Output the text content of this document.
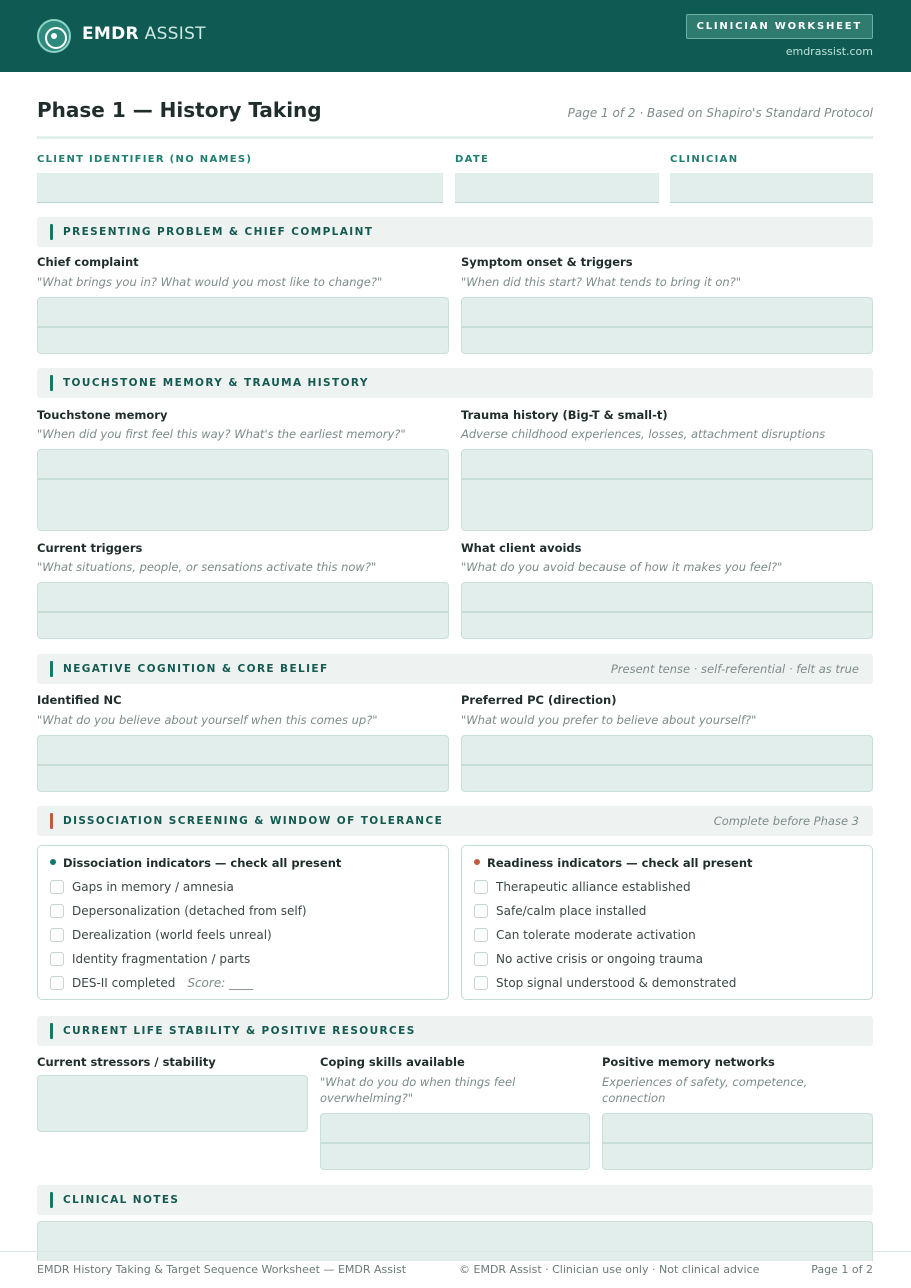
EMDR ASSIST	CLINICIAN WORKSHEET
emdrassist.com
Phase 1 — History Taking	Page 1 of 2 · Based on Shapiro's Standard Protocol
CLIENT IDENTIFIER (NO NAMES)	DATE	CLINICIAN
PRESENTING PROBLEM & CHIEF COMPLAINT
Chief complaint
"What brings you in? What would you most like to change?"
Symptom onset & triggers
"When did this start? What tends to bring it on?"
TOUCHSTONE MEMORY & TRAUMA HISTORY
Touchstone memory
"When did you first feel this way? What's the earliest memory?"
Trauma history (Big-T & small-t)
Adverse childhood experiences, losses, attachment disruptions
Current triggers
"What situations, people, or sensations activate this now?"
What client avoids
"What do you avoid because of how it makes you feel?"
NEGATIVE COGNITION & CORE BELIEF	Present tense · self-referential · felt as true
Identified NC
"What do you believe about yourself when this comes up?"
Preferred PC (direction)
"What would you prefer to believe about yourself?"
DISSOCIATION SCREENING & WINDOW OF TOLERANCE	Complete before Phase 3
Dissociation indicators — check all present
Gaps in memory / amnesia
Depersonalization (detached from self)
Derealization (world feels unreal)
Identity fragmentation / parts
DES-II completed Score: ____
Readiness indicators — check all present
Therapeutic alliance established
Safe/calm place installed
Can tolerate moderate activation
No active crisis or ongoing trauma
Stop signal understood & demonstrated
CURRENT LIFE STABILITY & POSITIVE RESOURCES
Current stressors / stability	Coping skills available
"What do you do when things feel overwhelming?"
Positive memory networks
Experiences of safety, competence, connection
CLINICAL NOTES
EMDR History Taking & Target Sequence Worksheet — EMDR Assist	© EMDR Assist · Clinician use only · Not clinical advice	Page 1 of 2
